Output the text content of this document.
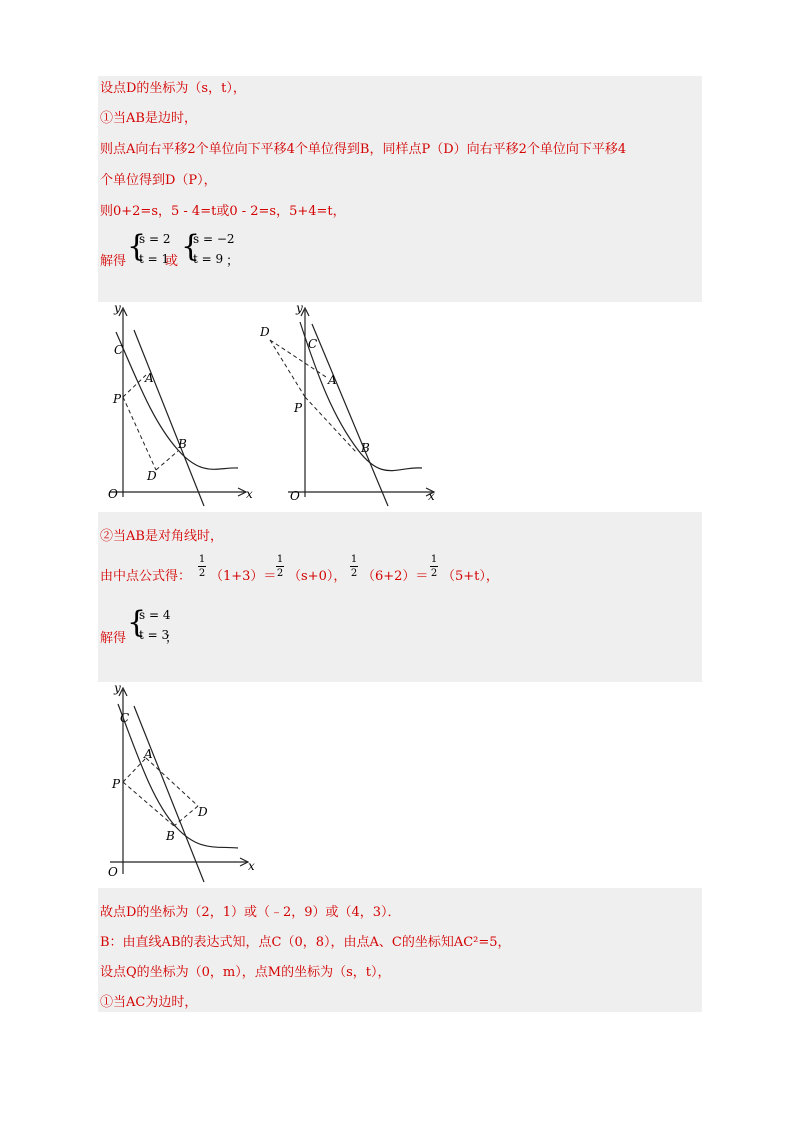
设点D的坐标为（s，t），
①当AB是边时，
则点A向右平移2个单位向下平移4个单位得到B，同样点P（D）向右平移2个单位向下平移4
个单位得到D（P），
则0+2=s，5 - 4=t或0 - 2=s，5+4=t，
解得 {
s = 2
t = 1
或 {
s = −2
t = 9 ；
y
x
O
C
A
P
B
D
y
x
O
C
A
P
B
D
②当AB是对角线时，
由中点公式得：
1
2 （1+3）＝
1
2 （s+0），
1
2 （6+2）＝
1
2 （5+t），
解得 {
s = 4
t = 3
；
y
x
O
C
A
P
B
D
故点D的坐标为（2，1）或（﹣2，9）或（4，3）．
B：由直线AB的表达式知，点C（0，8），由点A、C的坐标知AC²=5，
设点Q的坐标为（0，m），点M的坐标为（s，t），
①当AC为边时，
